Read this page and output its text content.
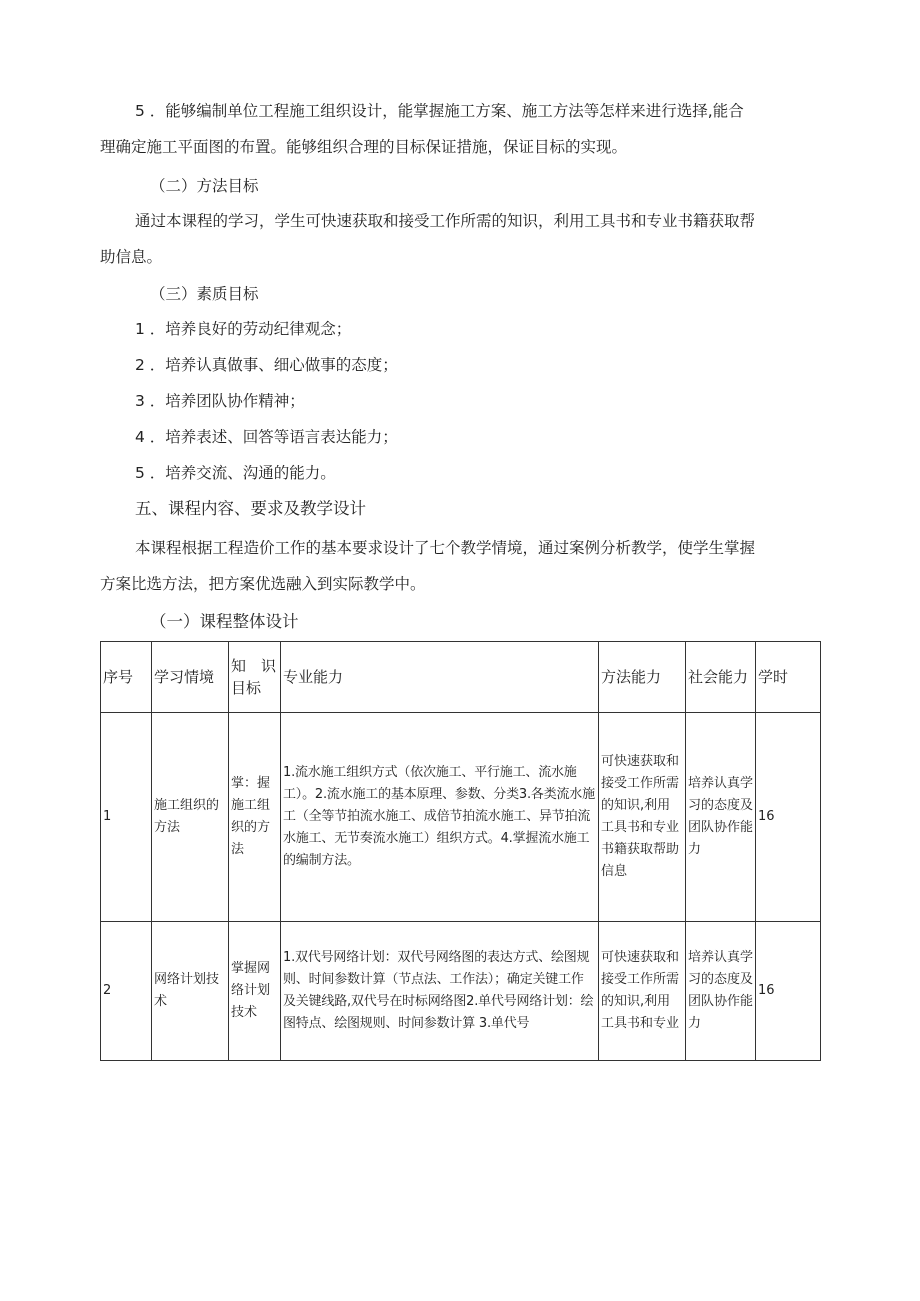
5 ．能够编制单位工程施工组织设计，能掌握施工方案、施工方法等怎样来进行选择,能合

理确定施工平面图的布置。能够组织合理的目标保证措施，保证目标的实现。

（二）方法目标

通过本课程的学习，学生可快速获取和接受工作所需的知识，利用工具书和专业书籍获取帮

助信息。

（三）素质目标

1 ．培养良好的劳动纪律观念；

2 ．培养认真做事、细心做事的态度；

3 ．培养团队协作精神；

4 ．培养表述、回答等语言表达能力；

5 ．培养交流、沟通的能力。

五、课程内容、要求及教学设计

本课程根据工程造价工作的基本要求设计了七个教学情境，通过案例分析教学，使学生掌握

方案比选方法，把方案优选融入到实际教学中。

（一）课程整体设计

序号	学习情境	知　识目标	专业能力	方法能力	社会能力	学时
1	施工组织的方法	掌：握施工组织的方法	1.流水施工组织方式（依次施工、平行施工、流水施工）。2.流水施工的基本原理、参数、分类3.各类流水施工（全等节拍流水施工、成倍节拍流水施工、异节拍流水施工、无节奏流水施工）组织方式。4.掌握流水施工的编制方法。	可快速获取和接受工作所需的知识,利用工具书和专业书籍获取帮助信息	培养认真学习的态度及团队协作能力	16
2	网络计划技术	掌握网络计划技术	1.双代号网络计划：双代号网络图的表达方式、绘图规则、时间参数计算（节点法、工作法）；确定关键工作及关键线路,双代号在时标网络图2.单代号网络计划：绘图特点、绘图规则、时间参数计算 3.单代号	可快速获取和接受工作所需的知识,利用工具书和专业	培养认真学习的态度及团队协作能力	16
